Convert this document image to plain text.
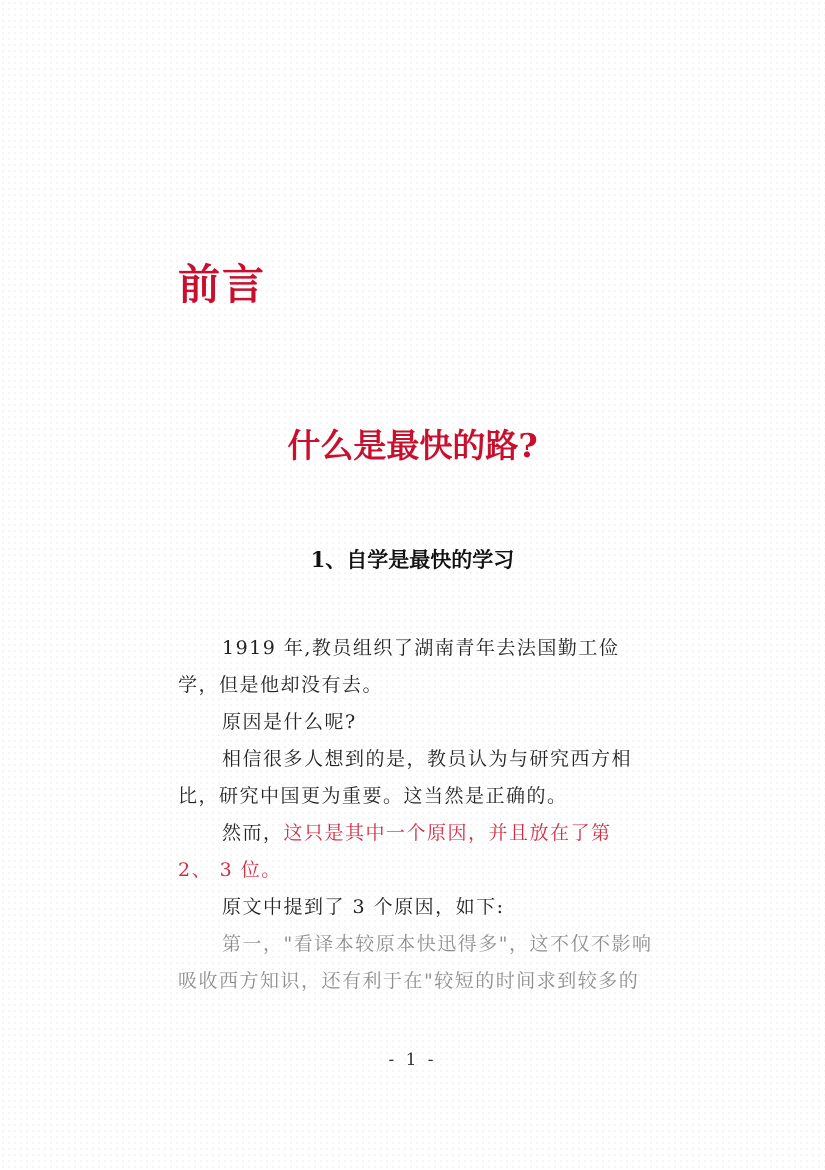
前言
什么是最快的路?
1、自学是最快的学习

1919 年,教员组织了湖南青年去法国勤工俭学，但是他却没有去。

原因是什么呢?

相信很多人想到的是，教员认为与研究西方相比，研究中国更为重要。这当然是正确的。

然而，这只是其中一个原因，并且放在了第 2、 3 位。

原文中提到了 3 个原因，如下:

第一，"看译本较原本快迅得多"，这不仅不影响吸收西方知识，还有利于在"较短的时间求到较多的

- 1 -
